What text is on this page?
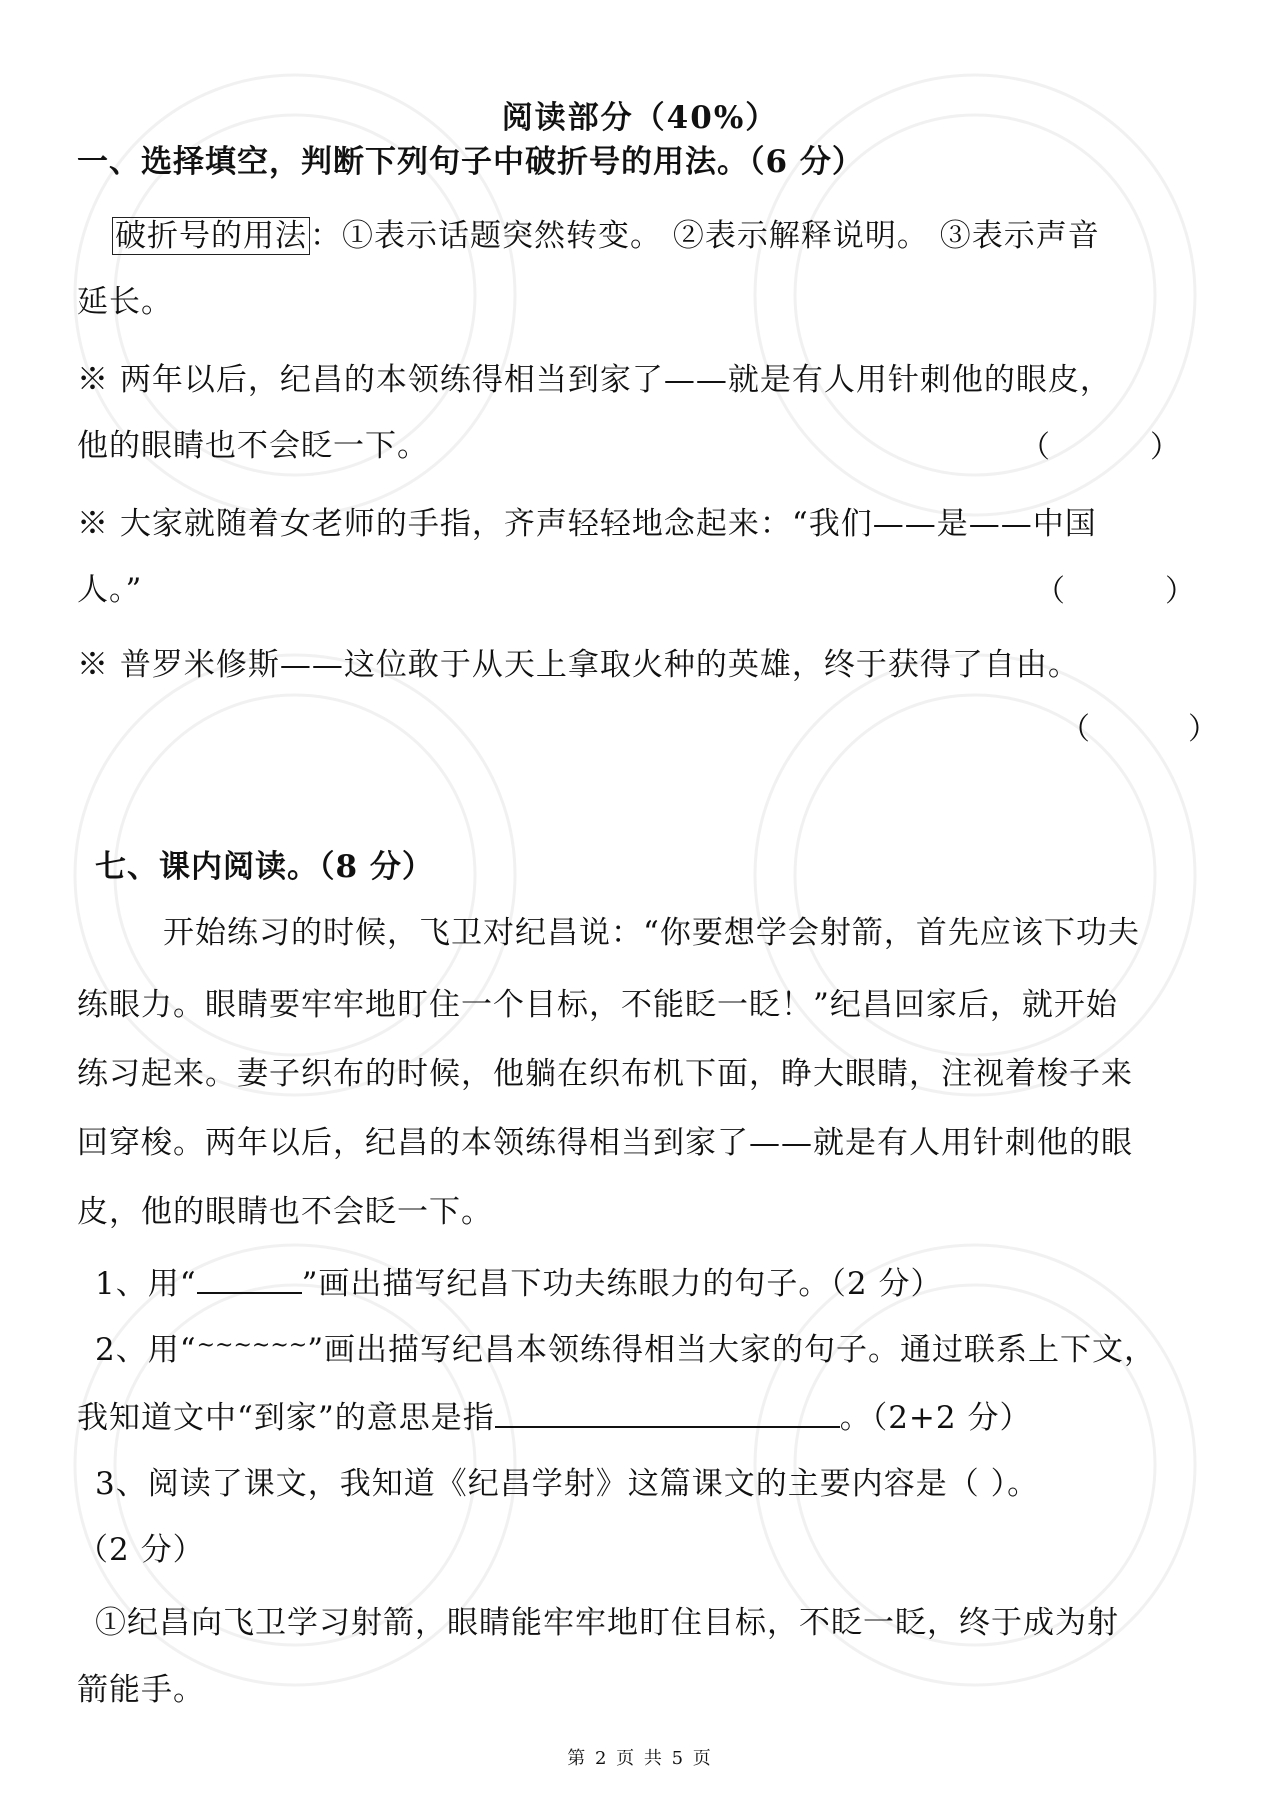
阅读部分（40%）
一、选择填空，判断下列句子中破折号的用法。（6 分）
破折号的用法：①表示话题突然转变。 ②表示解释说明。 ③表示声音
延长。
※ 两年以后，纪昌的本领练得相当到家了——就是有人用针刺他的眼皮，
他的眼睛也不会眨一下。	（	）
※ 大家就随着女老师的手指，齐声轻轻地念起来：“我们——是——中国
人。”	（	）
※ 普罗米修斯——这位敢于从天上拿取火种的英雄，终于获得了自由。
（	）
七、课内阅读。（8 分）
开始练习的时候，飞卫对纪昌说：“你要想学会射箭，首先应该下功夫
练眼力。眼睛要牢牢地盯住一个目标，不能眨一眨！”纪昌回家后，就开始
练习起来。妻子织布的时候，他躺在织布机下面，睁大眼睛，注视着梭子来
回穿梭。两年以后，纪昌的本领练得相当到家了——就是有人用针刺他的眼
皮，他的眼睛也不会眨一下。
1、用“	”画出描写纪昌下功夫练眼力的句子。（2 分）
2、用“~~~~~~”画出描写纪昌本领练得相当大家的句子。通过联系上下文，
我知道文中“到家”的意思是指	。（2+2 分）
3、阅读了课文，我知道《纪昌学射》这篇课文的主要内容是（ ）。
（2 分）
①纪昌向飞卫学习射箭，眼睛能牢牢地盯住目标，不眨一眨，终于成为射
箭能手。
第 2 页 共 5 页
